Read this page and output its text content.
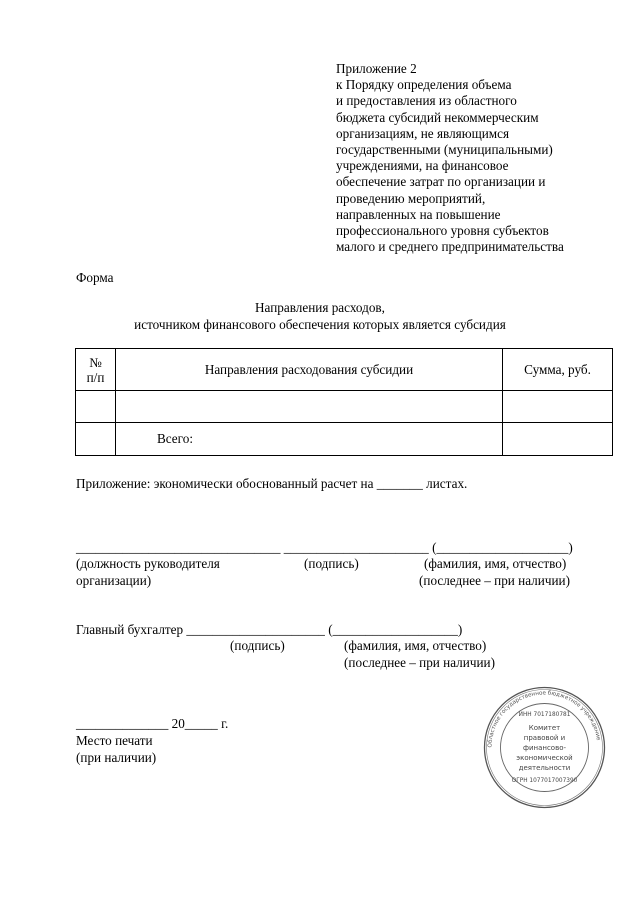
Приложение 2
к Порядку определения объема
и предоставления из областного
бюджета субсидий некоммерческим
организациям, не являющимся
государственными (муниципальными)
учреждениями, на финансовое
обеспечение затрат по организации и
проведению мероприятий,
направленных на повышение
профессионального уровня субъектов
малого и среднего предпринимательства
Форма
Направления расходов,
источником финансового обеспечения которых является субсидия
№
п/п	Направления расходования субсидии	Сумма, руб.

	Всего:	
Приложение: экономически обоснованный расчет на _______ листах.
_______________________________ ______________________ (____________________)
(должность руководителя
организации)
(подпись)	(фамилия, имя, отчество)
(последнее – при наличии)
Главный бухгалтер _____________________ (___________________)
(подпись)	(фамилия, имя, отчество)
(последнее – при наличии)
______________ 20_____ г.
Место печати
(при наличии)
Областное государственное бюджетное учреждение
ИНН 7017180781
Комитет
правовой и
финансово-
экономической
деятельности
ОГРН 1077017007390
